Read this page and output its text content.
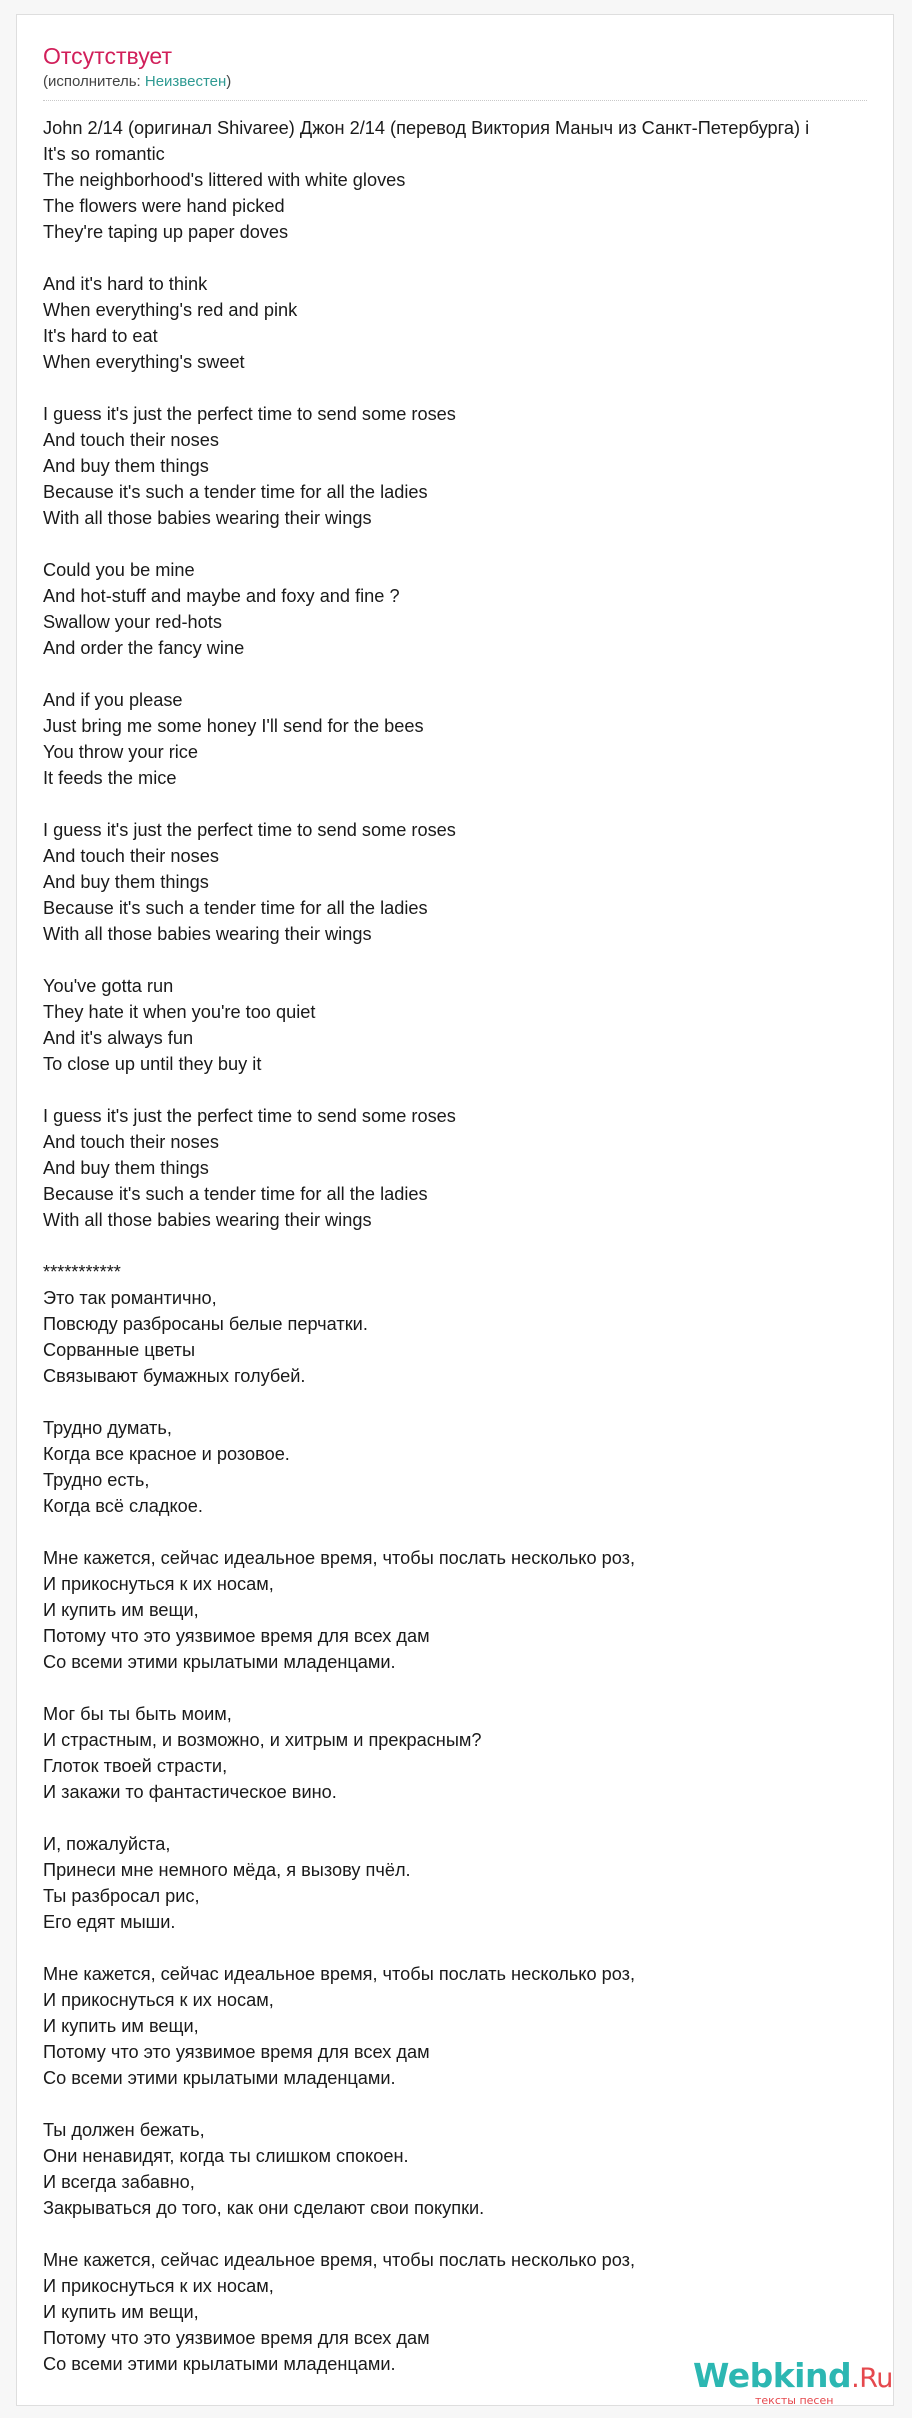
Отсутствует
(исполнитель: Неизвестен)
John 2/14 (оригинал Shivaree) Джон 2/14 (перевод Виктория Маныч из Санкт-Петербурга) i
It's so romantic
The neighborhood's littered with white gloves
The flowers were hand picked
They're taping up paper doves
And it's hard to think
When everything's red and pink
It's hard to eat
When everything's sweet
I guess it's just the perfect time to send some roses
And touch their noses
And buy them things
Because it's such a tender time for all the ladies
With all those babies wearing their wings
Could you be mine
And hot-stuff and maybe and foxy and fine ?
Swallow your red-hots
And order the fancy wine
And if you please
Just bring me some honey I'll send for the bees
You throw your rice
It feeds the mice
I guess it's just the perfect time to send some roses
And touch their noses
And buy them things
Because it's such a tender time for all the ladies
With all those babies wearing their wings
You've gotta run
They hate it when you're too quiet
And it's always fun
To close up until they buy it
I guess it's just the perfect time to send some roses
And touch their noses
And buy them things
Because it's such a tender time for all the ladies
With all those babies wearing their wings
***********
Это так романтично,
Повсюду разбросаны белые перчатки.
Сорванные цветы
Связывают бумажных голубей.
Трудно думать,
Когда все красное и розовое.
Трудно есть,
Когда всё сладкое.
Мне кажется, сейчас идеальное время, чтобы послать несколько роз,
И прикоснуться к их носам,
И купить им вещи,
Потому что это уязвимое время для всех дам
Со всеми этими крылатыми младенцами.
Мог бы ты быть моим,
И страстным, и возможно, и хитрым и прекрасным?
Глоток твоей страсти,
И закажи то фантастическое вино.
И, пожалуйста,
Принеси мне немного мёда, я вызову пчёл.
Ты разбросал рис,
Его едят мыши.
Мне кажется, сейчас идеальное время, чтобы послать несколько роз,
И прикоснуться к их носам,
И купить им вещи,
Потому что это уязвимое время для всех дам
Со всеми этими крылатыми младенцами.
Ты должен бежать,
Они ненавидят, когда ты слишком спокоен.
И всегда забавно,
Закрываться до того, как они сделают свои покупки.
Мне кажется, сейчас идеальное время, чтобы послать несколько роз,
И прикоснуться к их носам,
И купить им вещи,
Потому что это уязвимое время для всех дам
Со всеми этими крылатыми младенцами.	Webkind.Ru
тексты песен
